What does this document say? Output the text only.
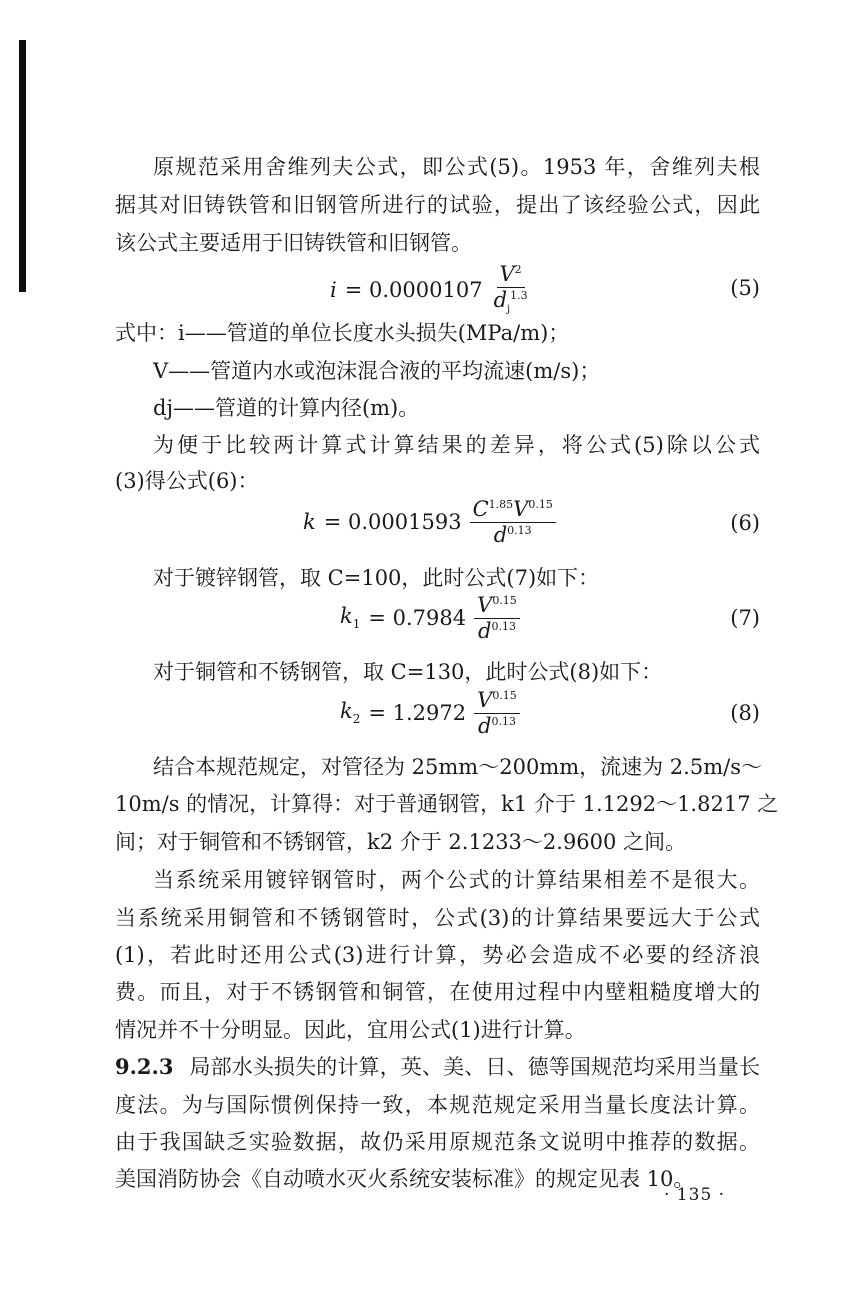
原规范采用舍维列夫公式，即公式(5)。1953 年，舍维列夫根
据其对旧铸铁管和旧钢管所进行的试验，提出了该经验公式，因此
该公式主要适用于旧铸铁管和旧钢管。
$i = 0.0000107 \frac{V^2}{d_j^{1.3}}$	(5)
式中：i——管道的单位长度水头损失(MPa/m)；
V——管道内水或泡沫混合液的平均流速(m/s)；
dj——管道的计算内径(m)。
为便于比较两计算式计算结果的差异，将公式(5)除以公式
(3)得公式(6)：
$k = 0.0001593 \frac{C^{1.85}V^{0.15}}{d^{0.13}}$	(6)
对于镀锌钢管，取 C=100，此时公式(7)如下：
$k_1 = 0.7984 \frac{V^{0.15}}{d^{0.13}}$	(7)
对于铜管和不锈钢管，取 C=130，此时公式(8)如下：
$k_2 = 1.2972 \frac{V^{0.15}}{d^{0.13}}$	(8)
结合本规范规定，对管径为 25mm～200mm，流速为 2.5m/s～
10m/s 的情况，计算得：对于普通钢管，k1 介于 1.1292～1.8217 之
间；对于铜管和不锈钢管，k2 介于 2.1233～2.9600 之间。
当系统采用镀锌钢管时，两个公式的计算结果相差不是很大。
当系统采用铜管和不锈钢管时，公式(3)的计算结果要远大于公式
(1)，若此时还用公式(3)进行计算，势必会造成不必要的经济浪
费。而且，对于不锈钢管和铜管，在使用过程中内壁粗糙度增大的
情况并不十分明显。因此，宜用公式(1)进行计算。
9.2.3 局部水头损失的计算，英、美、日、德等国规范均采用当量长
度法。为与国际惯例保持一致，本规范规定采用当量长度法计算。
由于我国缺乏实验数据，故仍采用原规范条文说明中推荐的数据。
美国消防协会《自动喷水灭火系统安装标准》的规定见表 10。
· 135 ·
